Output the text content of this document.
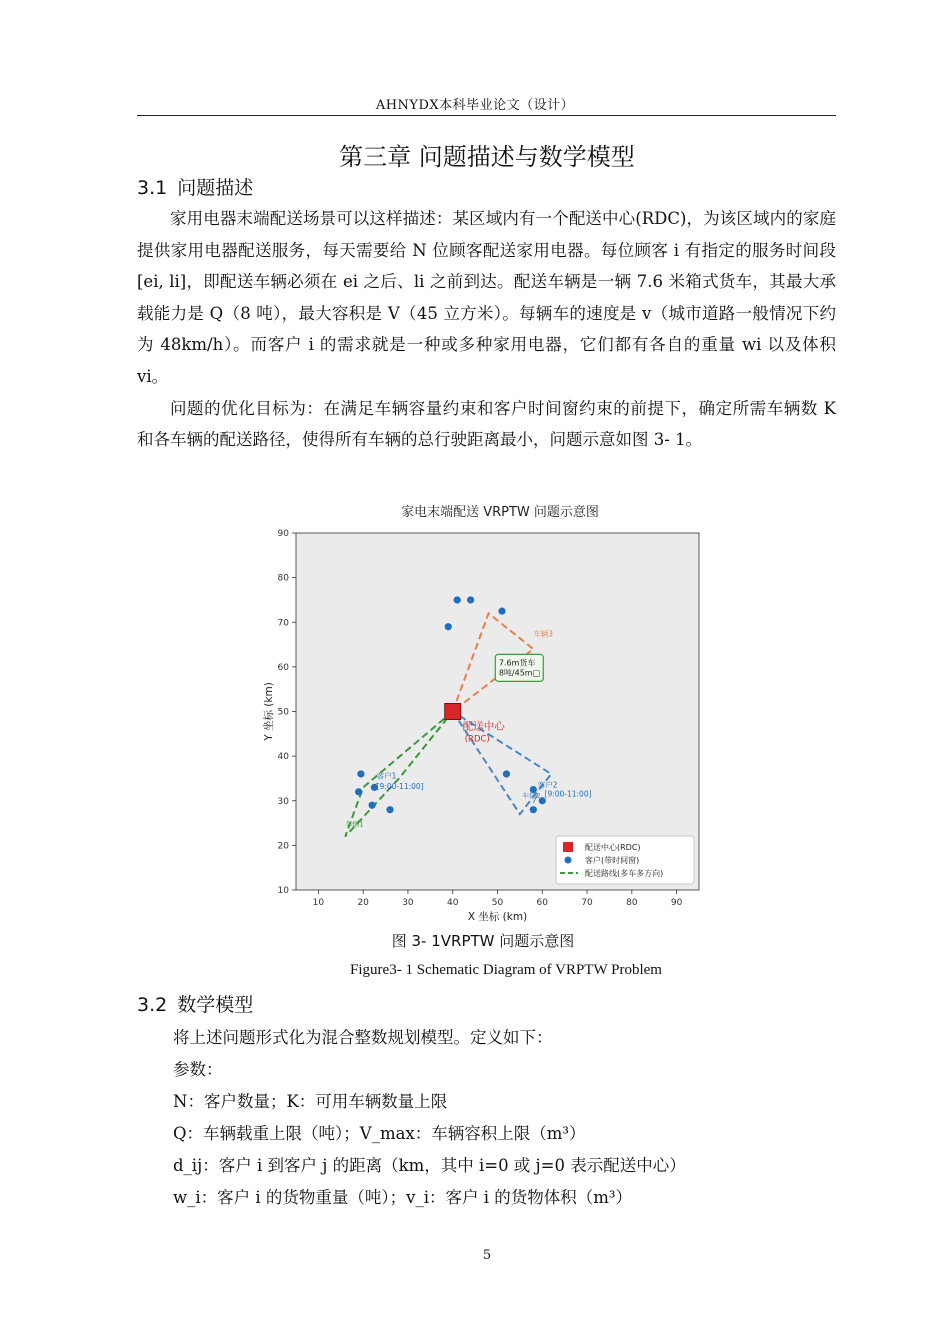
AHNYDX本科毕业论文（设计）
第三章 问题描述与数学模型
3.1 问题描述

家用电器末端配送场景可以这样描述：某区域内有一个配送中心(RDC)，为该区域内的家庭提供家用电器配送服务，每天需要给 N 位顾客配送家用电器。每位顾客 i 有指定的服务时间段[ei, li]，即配送车辆必须在 ei 之后、li 之前到达。配送车辆是一辆 7.6 米箱式货车，其最大承载能力是 Q（8 吨），最大容积是 V（45 立方米）。每辆车的速度是 v（城市道路一般情况下约为 48km/h）。而客户 i 的需求就是一种或多种家用电器，它们都有各自的重量 wi 以及体积 vi。

问题的优化目标为：在满足车辆容量约束和客户时间窗约束的前提下，确定所需车辆数 K 和各车辆的配送路径，使得所有车辆的总行驶距离最小，问题示意如图 3- 1。

家电末端配送 VRPTW 问题示意图
10	20	30	40	50	60	70	80	90
10
20
30
40
50
60
70
80
90
配送中心
(RDC)
客户1
[9:00-11:00]	客户2
[9:00-11:00]
车辆1
车辆2
车辆3
7.6m货车
8吨/45m□
X 坐标 (km)
Y 坐标 (km)
配送中心(RDC)
客户(带时间窗)
配送路线(多车多方向)
图 3- 1VRPTW 问题示意图
Figure3- 1 Schematic Diagram of VRPTW Problem
3.2 数学模型
将上述问题形式化为混合整数规划模型。定义如下：
参数：
N：客户数量；K：可用车辆数量上限
Q：车辆载重上限（吨）；V_max：车辆容积上限（m³）
d_ij：客户 i 到客户 j 的距离（km，其中 i=0 或 j=0 表示配送中心）
w_i：客户 i 的货物重量（吨）；v_i：客户 i 的货物体积（m³）
5
